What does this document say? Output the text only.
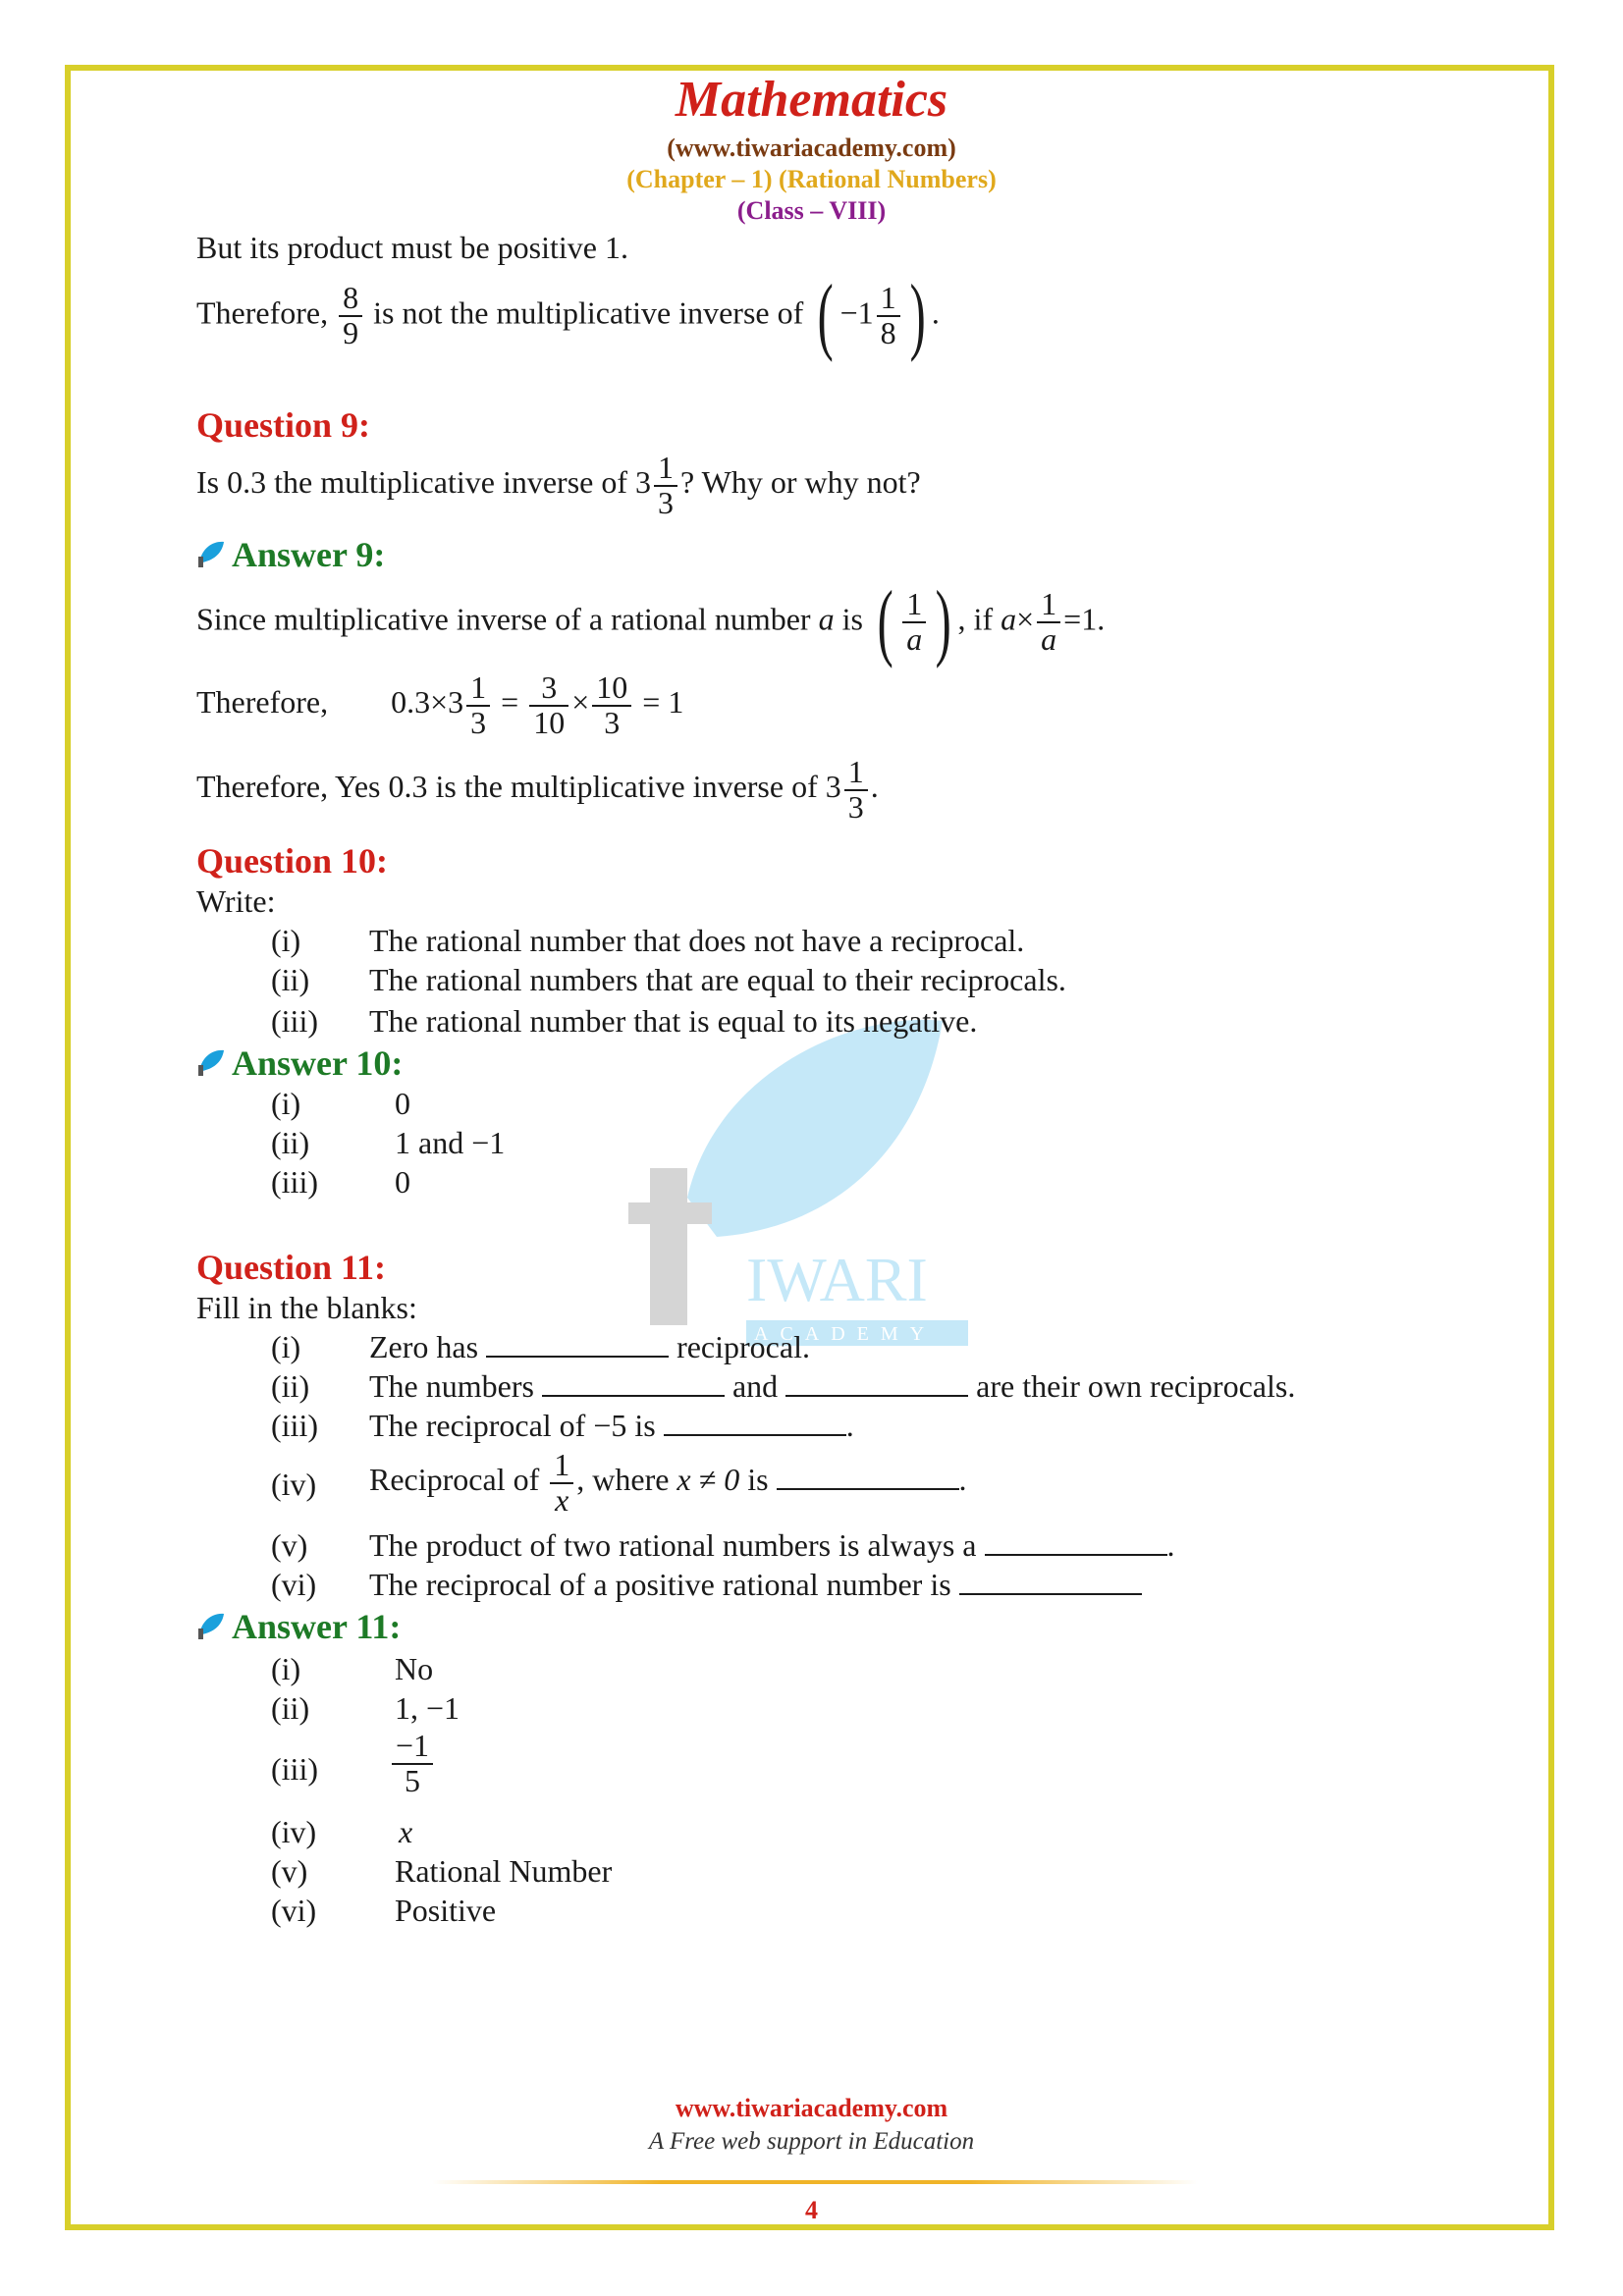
IWARI
ACADEMY
Mathematics
(www.tiwariacademy.com)
(Chapter – 1) (Rational Numbers)
(Class – VIII)
But its product must be positive 1.
Therefore, $\frac{8}{9}$ is not the multiplicative inverse of ( $-1 \frac{1}{8}$ ) .
Question 9:
Is 0.3 the multiplicative inverse of $3 \frac{1}{3}$ ? Why or why not?
Answer 9:
Since multiplicative inverse of a rational number a is ( $\frac{1}{a}$ ) , if $a\times \frac{1}{a} =1$.
Therefore, $0.3\times 3 \frac{1}{3} = \frac{3}{10} \times \frac{10}{3} = 1$
Therefore, Yes 0.3 is the multiplicative inverse of $3 \frac{1}{3}$ .
Question 10:
Write:
(i) The rational number that does not have a reciprocal.
(ii) The rational numbers that are equal to their reciprocals.
(iii) The rational number that is equal to its negative.
Answer 10:
(i)	0
(ii)	1 and −1
(iii) 0
Question 11:
Fill in the blanks:
(i) Zero has	reciprocal.
(ii) The numbers	and	are their own reciprocals.
(iii) The reciprocal of −5 is	.
(iv) Reciprocal of $\frac{1}{x}$ , where x ≠ 0 is	.
(v) The product of two rational numbers is always a	.
(vi) The reciprocal of a positive rational number is
Answer 11:
(i)	No
(ii)	1, −1
$(iii) \frac{-1}{5}$
(iv)	x
(v)	Rational Number
(vi) Positive
www.tiwariacademy.com
A Free web support in Education
4
